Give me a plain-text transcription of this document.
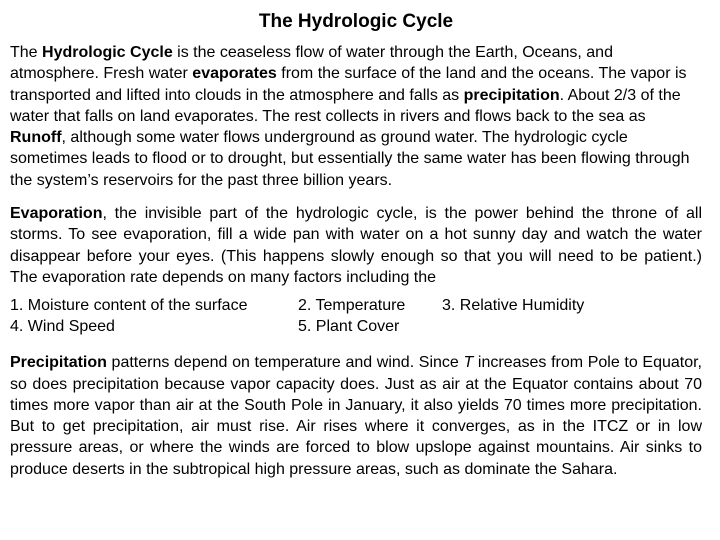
The Hydrologic Cycle

The Hydrologic Cycle is the ceaseless flow of water through the Earth, Oceans, and atmosphere. Fresh water evaporates from the surface of the land and the oceans. The vapor is transported and lifted into clouds in the atmosphere and falls as precipitation. About 2/3 of the water that falls on land evaporates. The rest collects in rivers and flows back to the sea as Runoff, although some water flows underground as ground water. The hydrologic cycle sometimes leads to flood or to drought, but essentially the same water has been flowing through the system’s reservoirs for the past three billion years.

Evaporation, the invisible part of the hydrologic cycle, is the power behind the throne of all storms. To see evaporation, fill a wide pan with water on a hot sunny day and watch the water disappear before your eyes. (This happens slowly enough so that you will need to be patient.) The evaporation rate depends on many factors including the

1. Moisture content of the surface	2. Temperature 3. Relative Humidity
4. Wind Speed	5. Plant Cover

Precipitation patterns depend on temperature and wind. Since T increases from Pole to Equator, so does precipitation because vapor capacity does. Just as air at the Equator contains about 70 times more vapor than air at the South Pole in January, it also yields 70 times more precipitation. But to get precipitation, air must rise. Air rises where it converges, as in the ITCZ or in low pressure areas, or where the winds are forced to blow upslope against mountains. Air sinks to produce deserts in the subtropical high pressure areas, such as dominate the Sahara.
